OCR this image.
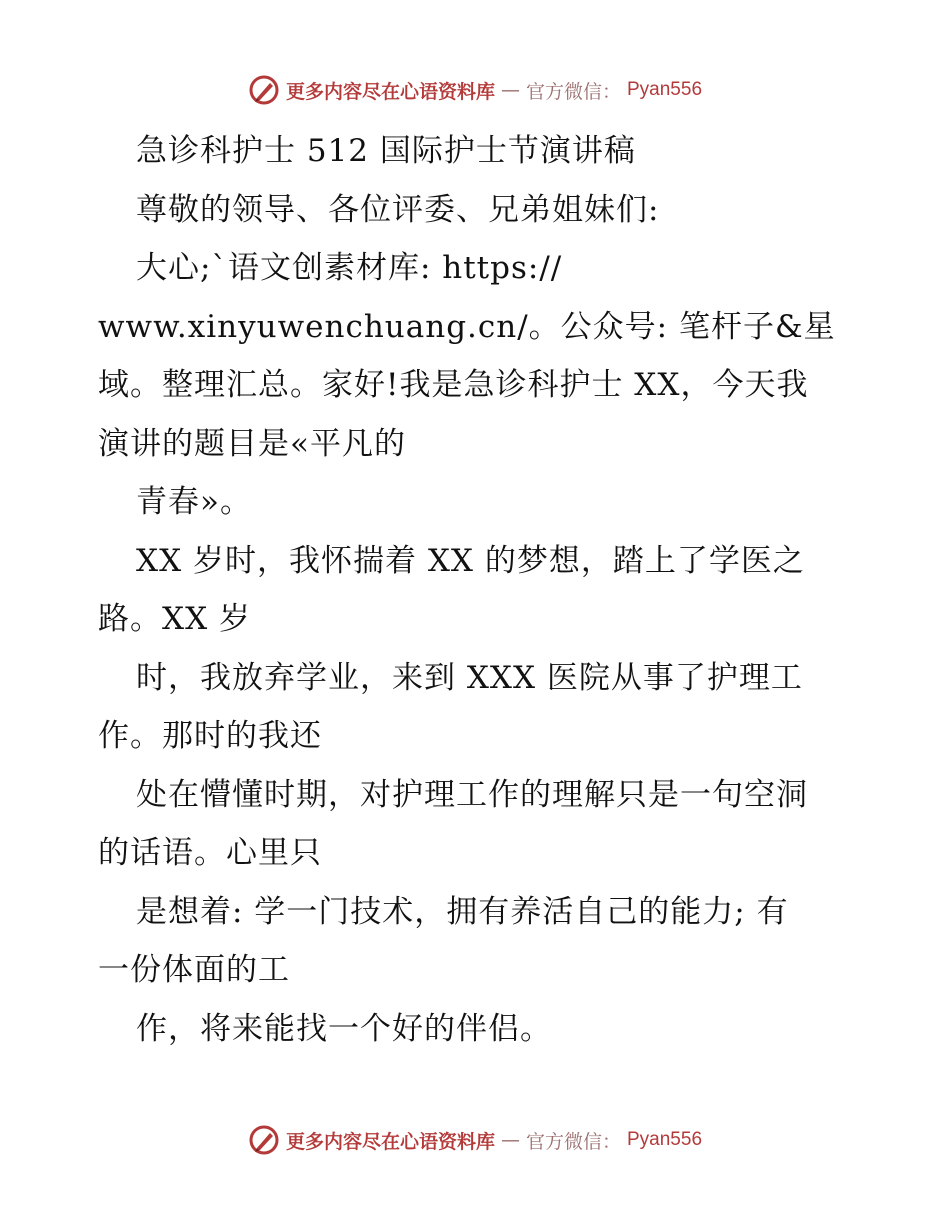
更多内容尽在心语资料库 — 官方微信： Pyan556
急诊科护士 512 国际护士节演讲稿
尊敬的领导、各位评委、兄弟姐妹们:
大心;`语文创素材库: https://
www.xinyuwenchuang.cn/。公众号: 笔杆子&星
域。整理汇总。家好!我是急诊科护士 XX，今天我
演讲的题目是«平凡的
青春»。
XX 岁时，我怀揣着 XX 的梦想，踏上了学医之
路。XX 岁
时，我放弃学业，来到 XXX 医院从事了护理工
作。那时的我还
处在懵懂时期，对护理工作的理解只是一句空洞
的话语。心里只
是想着: 学一门技术，拥有养活自己的能力; 有
一份体面的工
作，将来能找一个好的伴侣。
更多内容尽在心语资料库 — 官方微信： Pyan556
